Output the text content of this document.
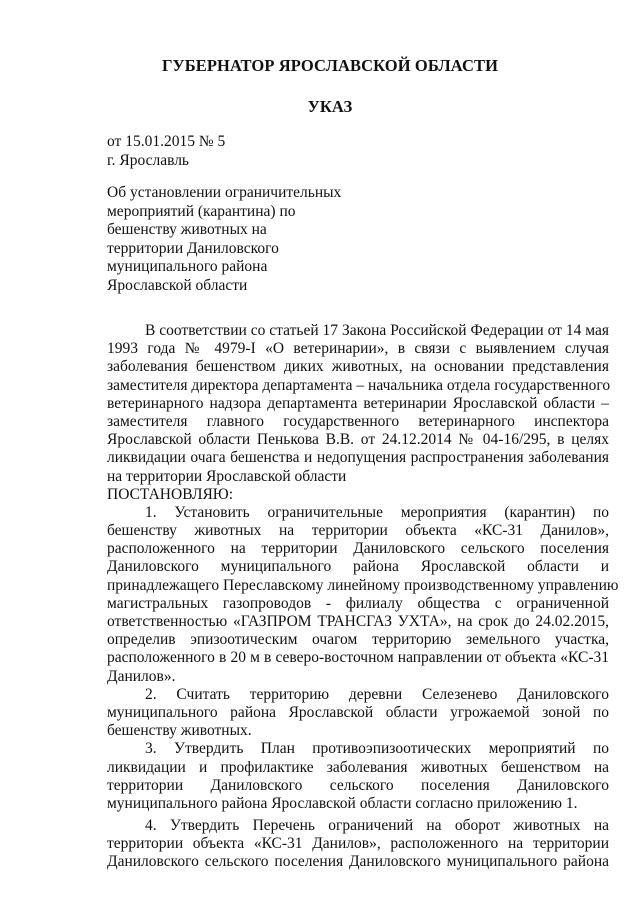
ГУБЕРНАТОР ЯРОСЛАВСКОЙ ОБЛАСТИ
УКАЗ
от 15.01.2015 № 5
г. Ярославль
Об установлении ограничительных
мероприятий (карантина) по
бешенству животных на
территории Даниловского
муниципального района
Ярославской области
В соответствии со статьей 17 Закона Российской Федерации от 14 мая
1993 года № 4979-I «О ветеринарии», в связи с выявлением случая
заболевания бешенством диких животных, на основании представления
заместителя директора департамента – начальника отдела государственного
ветеринарного надзора департамента ветеринарии Ярославской области –
заместителя главного государственного ветеринарного инспектора
Ярославской области Пенькова В.В. от 24.12.2014 № 04-16/295, в целях
ликвидации очага бешенства и недопущения распространения заболевания
на территории Ярославской области
ПОСТАНОВЛЯЮ:
1. Установить ограничительные мероприятия (карантин) по
бешенству животных на территории объекта «КС-31 Данилов»,
расположенного на территории Даниловского сельского поселения
Даниловского муниципального района Ярославской области и
принадлежащего Переславскому линейному производственному управлению
магистральных газопроводов - филиалу общества с ограниченной
ответственностью «ГАЗПРОМ ТРАНСГАЗ УХТА», на срок до 24.02.2015,
определив эпизоотическим очагом территорию земельного участка,
расположенного в 20 м в северо-восточном направлении от объекта «КС-31
Данилов».
2. Считать территорию деревни Селезенево Даниловского
муниципального района Ярославской области угрожаемой зоной по
бешенству животных.
3. Утвердить План противоэпизоотических мероприятий по
ликвидации и профилактике заболевания животных бешенством на
территории Даниловского сельского поселения Даниловского
муниципального района Ярославской области согласно приложению 1.
4. Утвердить Перечень ограничений на оборот животных на
территории объекта «КС-31 Данилов», расположенного на территории
Даниловского сельского поселения Даниловского муниципального района
